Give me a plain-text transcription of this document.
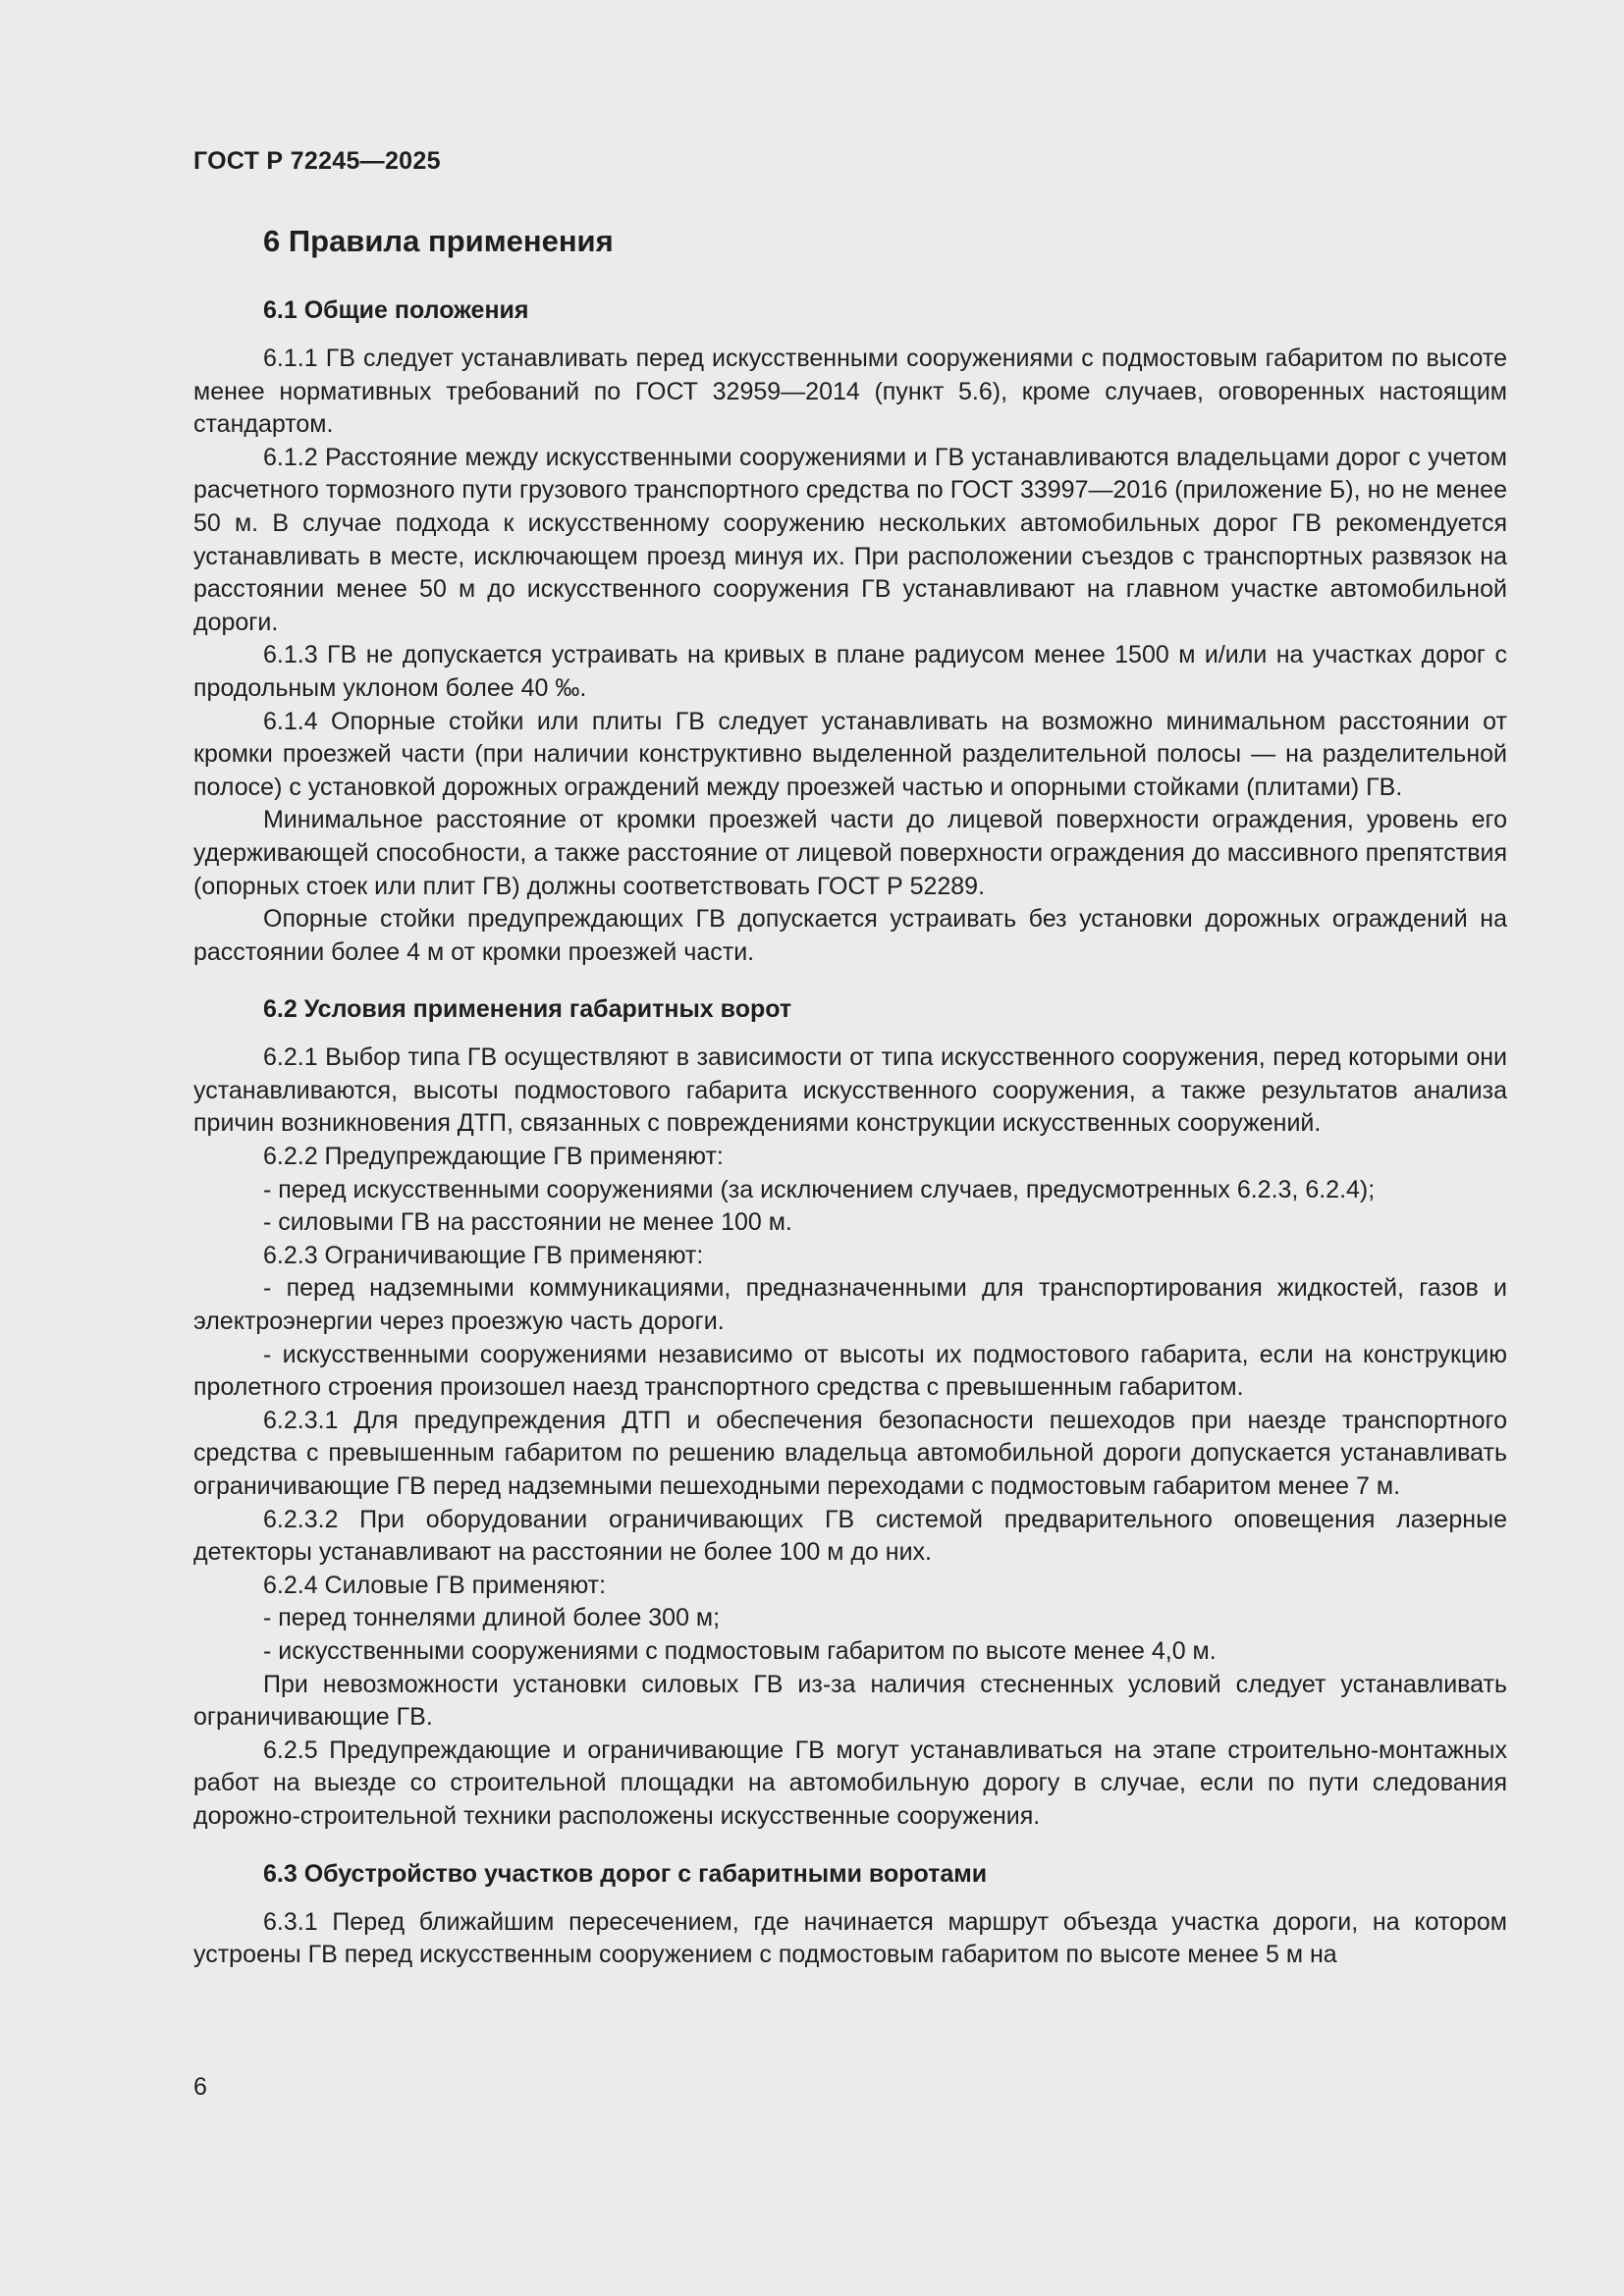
ГОСТ Р 72245—2025
6 Правила применения
6.1 Общие положения

6.1.1 ГВ следует устанавливать перед искусственными сооружениями с подмостовым габаритом по высоте менее нормативных требований по ГОСТ 32959—2014 (пункт 5.6), кроме случаев, оговоренных настоящим стандартом.

6.1.2 Расстояние между искусственными сооружениями и ГВ устанавливаются владельцами дорог с учетом расчетного тормозного пути грузового транспортного средства по ГОСТ 33997—2016 (приложение Б), но не менее 50 м. В случае подхода к искусственному сооружению нескольких автомобильных дорог ГВ рекомендуется устанавливать в месте, исключающем проезд минуя их. При расположении съездов с транспортных развязок на расстоянии менее 50 м до искусственного сооружения ГВ устанавливают на главном участке автомобильной дороги.

6.1.3 ГВ не допускается устраивать на кривых в плане радиусом менее 1500 м и/или на участках дорог с продольным уклоном более 40 ‰.

6.1.4 Опорные стойки или плиты ГВ следует устанавливать на возможно минимальном расстоянии от кромки проезжей части (при наличии конструктивно выделенной разделительной полосы — на разделительной полосе) с установкой дорожных ограждений между проезжей частью и опорными стойками (плитами) ГВ.

Минимальное расстояние от кромки проезжей части до лицевой поверхности ограждения, уровень его удерживающей способности, а также расстояние от лицевой поверхности ограждения до массивного препятствия (опорных стоек или плит ГВ) должны соответствовать ГОСТ Р 52289.

Опорные стойки предупреждающих ГВ допускается устраивать без установки дорожных ограждений на расстоянии более 4 м от кромки проезжей части.

6.2 Условия применения габаритных ворот

6.2.1 Выбор типа ГВ осуществляют в зависимости от типа искусственного сооружения, перед которыми они устанавливаются, высоты подмостового габарита искусственного сооружения, а также результатов анализа причин возникновения ДТП, связанных с повреждениями конструкции искусственных сооружений.

6.2.2 Предупреждающие ГВ применяют:

- перед искусственными сооружениями (за исключением случаев, предусмотренных 6.2.3, 6.2.4);

- силовыми ГВ на расстоянии не менее 100 м.

6.2.3 Ограничивающие ГВ применяют:

- перед надземными коммуникациями, предназначенными для транспортирования жидкостей, газов и электроэнергии через проезжую часть дороги.

- искусственными сооружениями независимо от высоты их подмостового габарита, если на конструкцию пролетного строения произошел наезд транспортного средства с превышенным габаритом.

6.2.3.1 Для предупреждения ДТП и обеспечения безопасности пешеходов при наезде транспортного средства с превышенным габаритом по решению владельца автомобильной дороги допускается устанавливать ограничивающие ГВ перед надземными пешеходными переходами с подмостовым габаритом менее 7 м.

6.2.3.2 При оборудовании ограничивающих ГВ системой предварительного оповещения лазерные детекторы устанавливают на расстоянии не более 100 м до них.

6.2.4 Силовые ГВ применяют:

- перед тоннелями длиной более 300 м;

- искусственными сооружениями с подмостовым габаритом по высоте менее 4,0 м.

При невозможности установки силовых ГВ из-за наличия стесненных условий следует устанавливать ограничивающие ГВ.

6.2.5 Предупреждающие и ограничивающие ГВ могут устанавливаться на этапе строительно-монтажных работ на выезде со строительной площадки на автомобильную дорогу в случае, если по пути следования дорожно-строительной техники расположены искусственные сооружения.

6.3 Обустройство участков дорог с габаритными воротами

6.3.1 Перед ближайшим пересечением, где начинается маршрут объезда участка дороги, на котором устроены ГВ перед искусственным сооружением с подмостовым габаритом по высоте менее 5 м на

6
